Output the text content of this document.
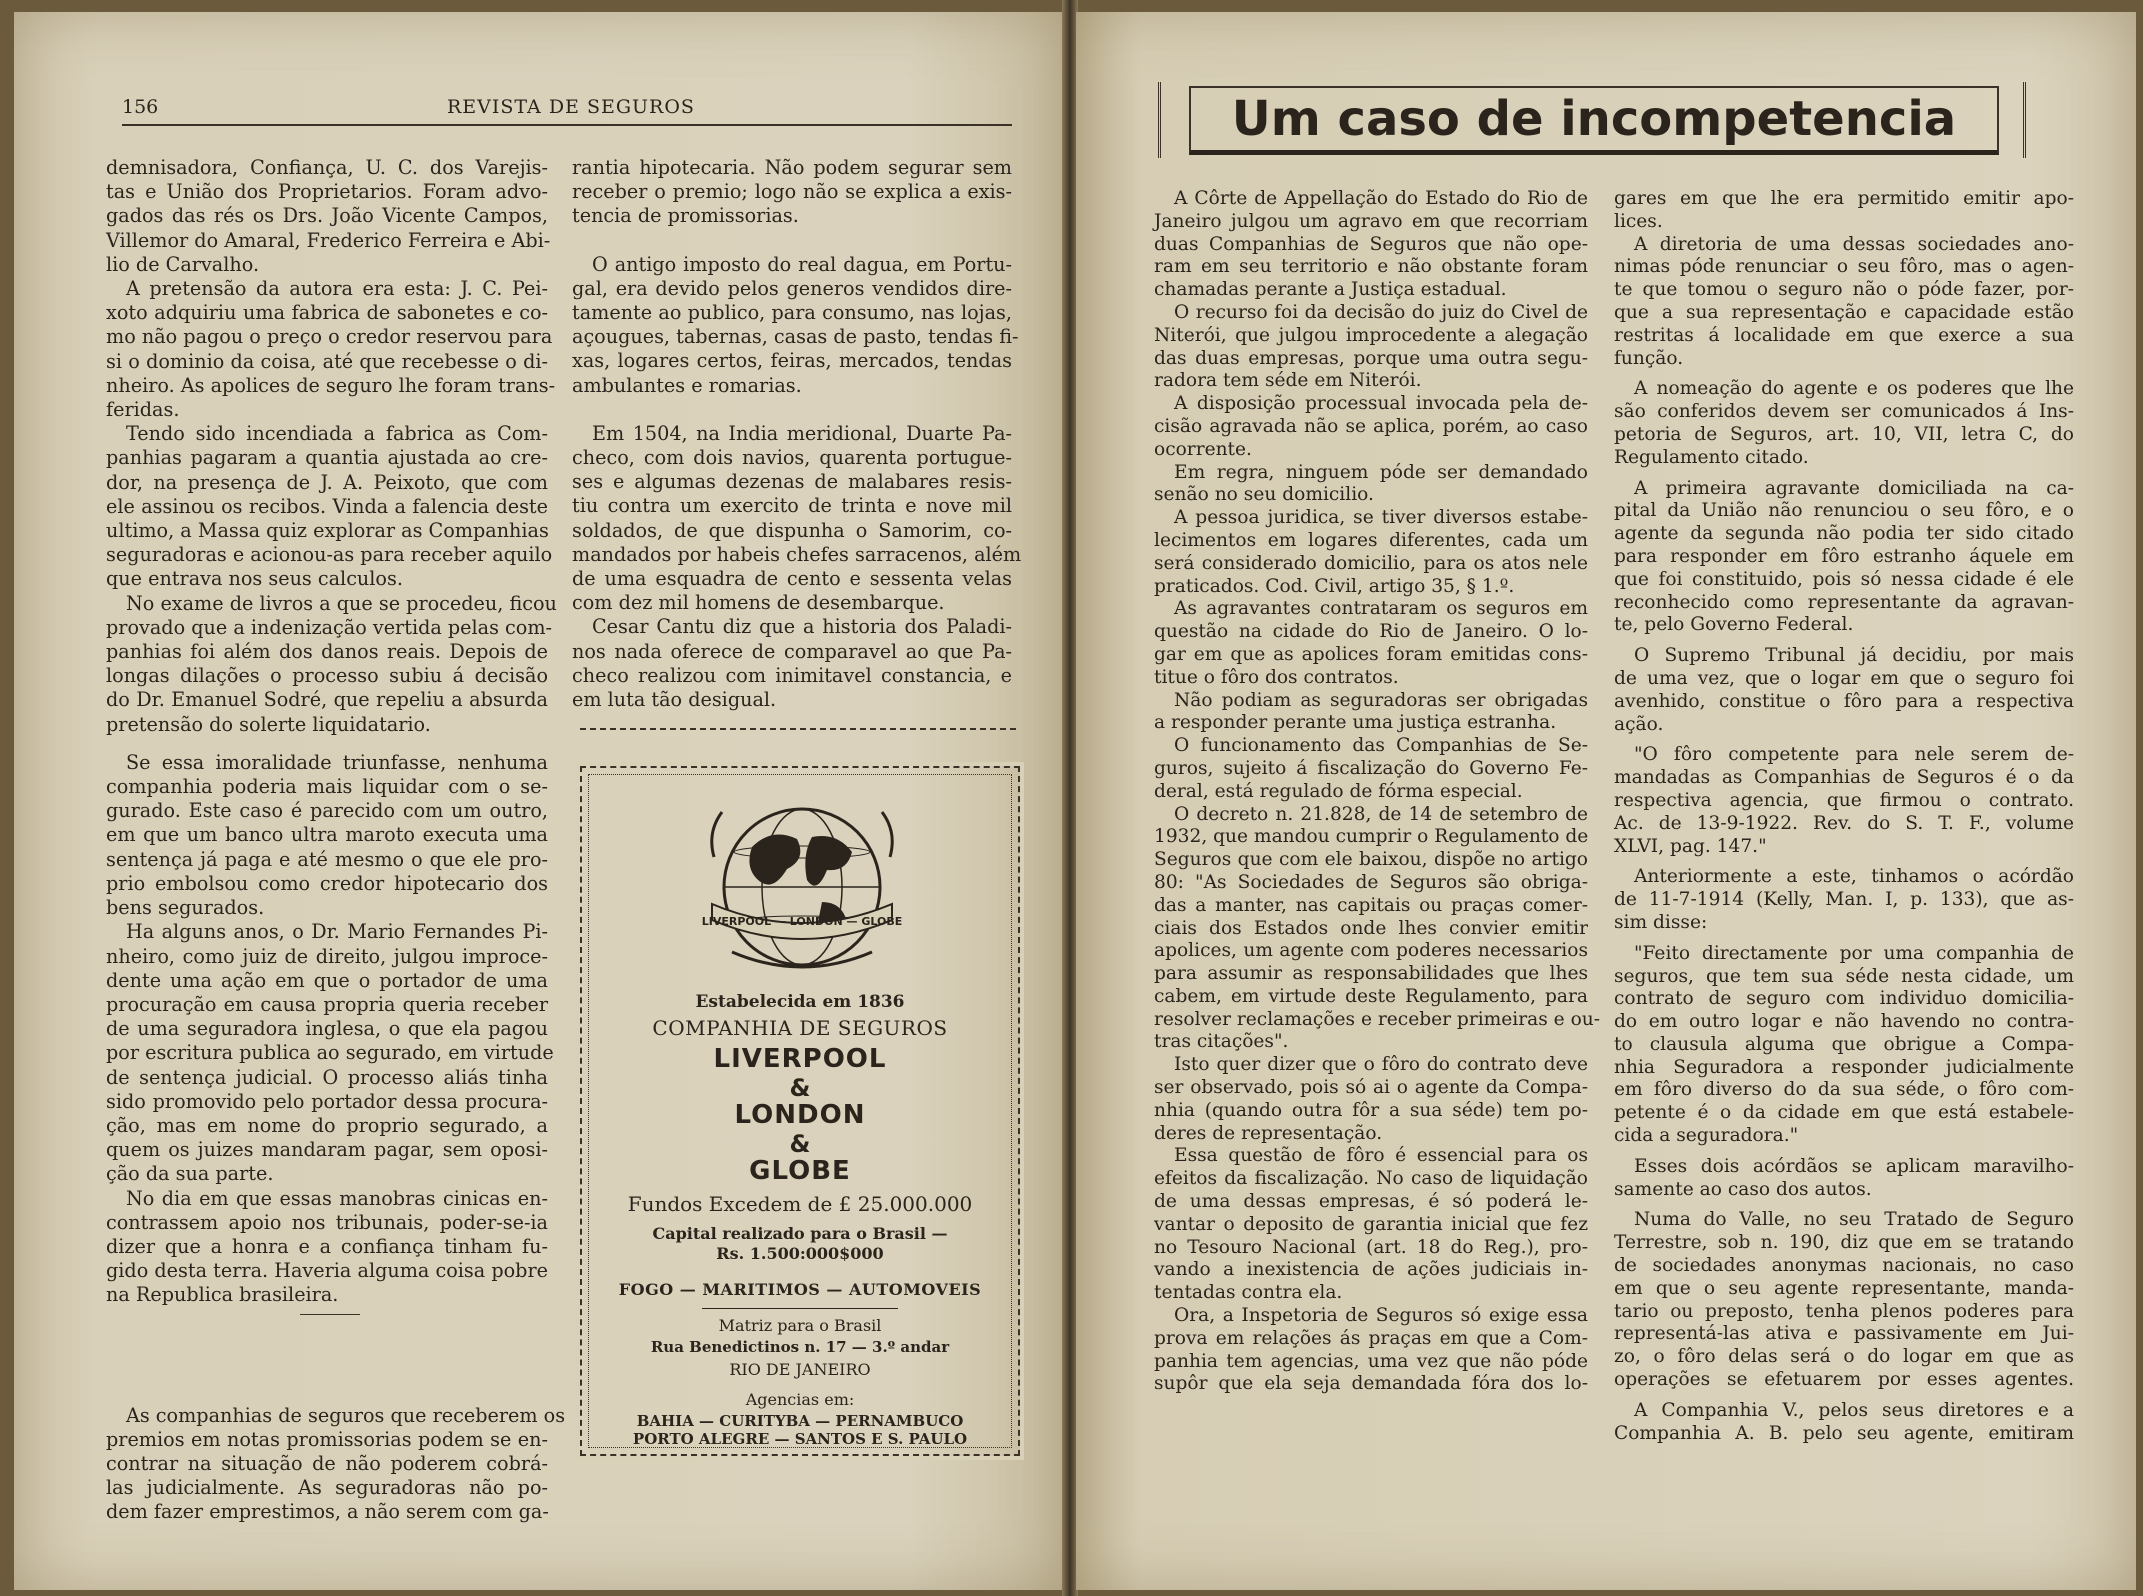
156	REVISTA DE SEGUROS
demnisadora, Confiança, U. C. dos Varejis-
tas e União dos Proprietarios. Foram advo-
gados das rés os Drs. João Vicente Campos,
Villemor do Amaral, Frederico Ferreira e Abi-
lio de Carvalho.
A pretensão da autora era esta: J. C. Pei-
xoto adquiriu uma fabrica de sabonetes e co-
mo não pagou o preço o credor reservou para
si o dominio da coisa, até que recebesse o di-
nheiro. As apolices de seguro lhe foram trans-
feridas.
Tendo sido incendiada a fabrica as Com-
panhias pagaram a quantia ajustada ao cre-
dor, na presença de J. A. Peixoto, que com
ele assinou os recibos. Vinda a falencia deste
ultimo, a Massa quiz explorar as Companhias
seguradoras e acionou-as para receber aquilo
que entrava nos seus calculos.
No exame de livros a que se procedeu, ficou
provado que a indenização vertida pelas com-
panhias foi além dos danos reais. Depois de
longas dilações o processo subiu á decisão
do Dr. Emanuel Sodré, que repeliu a absurda
pretensão do solerte liquidatario.
Se essa imoralidade triunfasse, nenhuma
companhia poderia mais liquidar com o se-
gurado. Este caso é parecido com um outro,
em que um banco ultra maroto executa uma
sentença já paga e até mesmo o que ele pro-
prio embolsou como credor hipotecario dos
bens segurados.
Ha alguns anos, o Dr. Mario Fernandes Pi-
nheiro, como juiz de direito, julgou improce-
dente uma ação em que o portador de uma
procuração em causa propria queria receber
de uma seguradora inglesa, o que ela pagou
por escritura publica ao segurado, em virtude
de sentença judicial. O processo aliás tinha
sido promovido pelo portador dessa procura-
ção, mas em nome do proprio segurado, a
quem os juizes mandaram pagar, sem oposi-
ção da sua parte.
No dia em que essas manobras cinicas en-
contrassem apoio nos tribunais, poder-se-ia
dizer que a honra e a confiança tinham fu-
gido desta terra. Haveria alguma coisa pobre
na Republica brasileira.
As companhias de seguros que receberem os
premios em notas promissorias podem se en-
contrar na situação de não poderem cobrá-
las judicialmente. As seguradoras não po-
dem fazer emprestimos, a não serem com ga-
rantia hipotecaria. Não podem segurar sem
receber o premio; logo não se explica a exis-
tencia de promissorias.
O antigo imposto do real dagua, em Portu-
gal, era devido pelos generos vendidos dire-
tamente ao publico, para consumo, nas lojas,
açougues, tabernas, casas de pasto, tendas fi-
xas, logares certos, feiras, mercados, tendas
ambulantes e romarias.
Em 1504, na India meridional, Duarte Pa-
checo, com dois navios, quarenta portugue-
ses e algumas dezenas de malabares resis-
tiu contra um exercito de trinta e nove mil
soldados, de que dispunha o Samorim, co-
mandados por habeis chefes sarracenos, além
de uma esquadra de cento e sessenta velas
com dez mil homens de desembarque.
Cesar Cantu diz que a historia dos Paladi-
nos nada oferece de comparavel ao que Pa-
checo realizou com inimitavel constancia, e
em luta tão desigual.
LIVERPOOL — LONDON — GLOBE
Estabelecida em 1836
COMPANHIA DE SEGUROS
LIVERPOOL
&
LONDON
&
GLOBE
Fundos Excedem de £ 25.000.000
Capital realizado para o Brasil —
Rs. 1.500:000$000
FOGO — MARITIMOS — AUTOMOVEIS
Matriz para o Brasil
Rua Benedictinos n. 17 — 3.º andar
RIO DE JANEIRO
Agencias em:
BAHIA — CURITYBA — PERNAMBUCO
PORTO ALEGRE — SANTOS E S. PAULO
Um caso de incompetencia
A Côrte de Appellação do Estado do Rio de
Janeiro julgou um agravo em que recorriam
duas Companhias de Seguros que não ope-
ram em seu territorio e não obstante foram
chamadas perante a Justiça estadual.
O recurso foi da decisão do juiz do Civel de
Niterói, que julgou improcedente a alegação
das duas empresas, porque uma outra segu-
radora tem séde em Niterói.
A disposição processual invocada pela de-
cisão agravada não se aplica, porém, ao caso
ocorrente.
Em regra, ninguem póde ser demandado
senão no seu domicilio.
A pessoa juridica, se tiver diversos estabe-
lecimentos em logares diferentes, cada um
será considerado domicilio, para os atos nele
praticados. Cod. Civil, artigo 35, § 1.º.
As agravantes contrataram os seguros em
questão na cidade do Rio de Janeiro. O lo-
gar em que as apolices foram emitidas cons-
titue o fôro dos contratos.
Não podiam as seguradoras ser obrigadas
a responder perante uma justiça estranha.
O funcionamento das Companhias de Se-
guros, sujeito á fiscalização do Governo Fe-
deral, está regulado de fórma especial.
O decreto n. 21.828, de 14 de setembro de
1932, que mandou cumprir o Regulamento de
Seguros que com ele baixou, dispõe no artigo
80: "As Sociedades de Seguros são obriga-
das a manter, nas capitais ou praças comer-
ciais dos Estados onde lhes convier emitir
apolices, um agente com poderes necessarios
para assumir as responsabilidades que lhes
cabem, em virtude deste Regulamento, para
resolver reclamações e receber primeiras e ou-
tras citações".
Isto quer dizer que o fôro do contrato deve
ser observado, pois só ai o agente da Compa-
nhia (quando outra fôr a sua séde) tem po-
deres de representação.
Essa questão de fôro é essencial para os
efeitos da fiscalização. No caso de liquidação
de uma dessas empresas, é só poderá le-
vantar o deposito de garantia inicial que fez
no Tesouro Nacional (art. 18 do Reg.), pro-
vando a inexistencia de ações judiciais in-
tentadas contra ela.
Ora, a Inspetoria de Seguros só exige essa
prova em relações ás praças em que a Com-
panhia tem agencias, uma vez que não póde
supôr que ela seja demandada fóra dos lo-
gares em que lhe era permitido emitir apo-
lices.
A diretoria de uma dessas sociedades ano-
nimas póde renunciar o seu fôro, mas o agen-
te que tomou o seguro não o póde fazer, por-
que a sua representação e capacidade estão
restritas á localidade em que exerce a sua
função.
A nomeação do agente e os poderes que lhe
são conferidos devem ser comunicados á Ins-
petoria de Seguros, art. 10, VII, letra C, do
Regulamento citado.
A primeira agravante domiciliada na ca-
pital da União não renunciou o seu fôro, e o
agente da segunda não podia ter sido citado
para responder em fôro estranho áquele em
que foi constituido, pois só nessa cidade é ele
reconhecido como representante da agravan-
te, pelo Governo Federal.
O Supremo Tribunal já decidiu, por mais
de uma vez, que o logar em que o seguro foi
avenhido, constitue o fôro para a respectiva
ação.
"O fôro competente para nele serem de-
mandadas as Companhias de Seguros é o da
respectiva agencia, que firmou o contrato.
Ac. de 13-9-1922. Rev. do S. T. F., volume
XLVI, pag. 147."
Anteriormente a este, tinhamos o acórdão
de 11-7-1914 (Kelly, Man. I, p. 133), que as-
sim disse:
"Feito directamente por uma companhia de
seguros, que tem sua séde nesta cidade, um
contrato de seguro com individuo domicilia-
do em outro logar e não havendo no contra-
to clausula alguma que obrigue a Compa-
nhia Seguradora a responder judicialmente
em fôro diverso do da sua séde, o fôro com-
petente é o da cidade em que está estabele-
cida a seguradora."
Esses dois acórdãos se aplicam maravilho-
samente ao caso dos autos.
Numa do Valle, no seu Tratado de Seguro
Terrestre, sob n. 190, diz que em se tratando
de sociedades anonymas nacionais, no caso
em que o seu agente representante, manda-
tario ou preposto, tenha plenos poderes para
representá-las ativa e passivamente em Jui-
zo, o fôro delas será o do logar em que as
operações se efetuarem por esses agentes.
A Companhia V., pelos seus diretores e a
Companhia A. B. pelo seu agente, emitiram
